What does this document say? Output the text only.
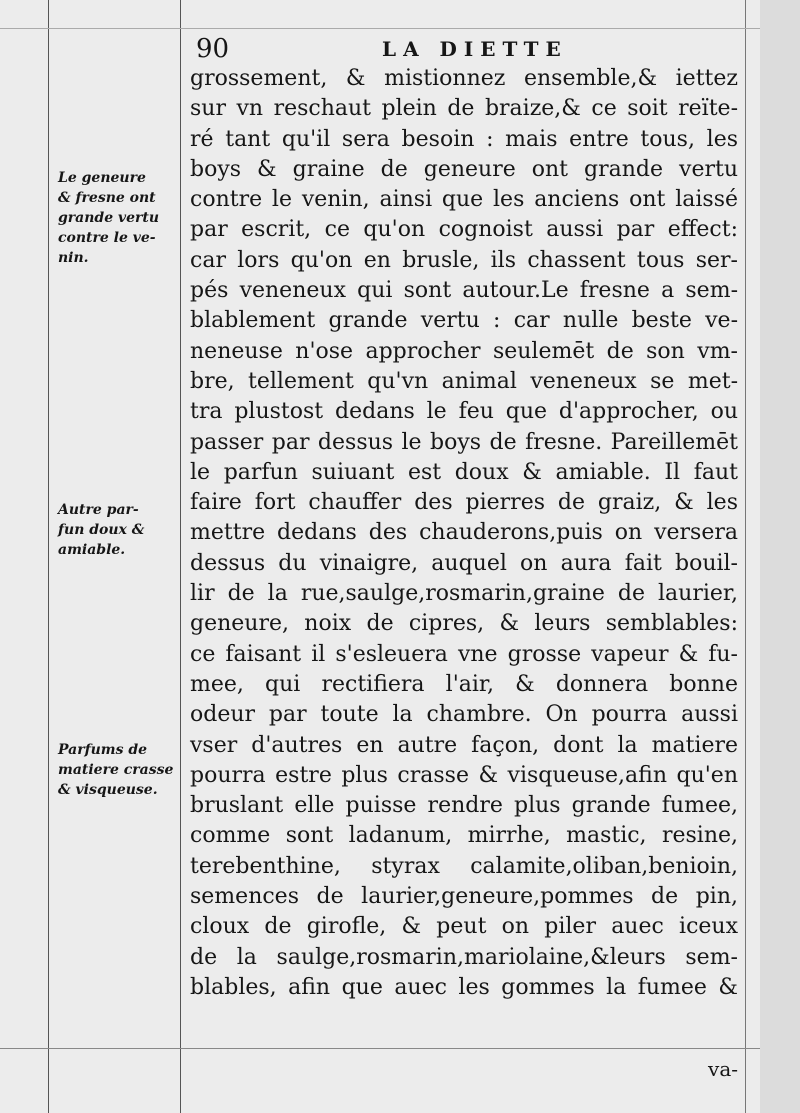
90	LA DIETTE
Le geneure
& fresne ont
grande vertu
contre le ve-
nin.
Autre par-
fun doux &
amiable.
Parfums de
matiere crasse
& visqueuse.
grossement, & mistionnez ensemble,& iettez
sur vn reschaut plein de braize,& ce soit reïte-
ré tant qu'il sera besoin : mais entre tous, les
boys & graine de geneure ont grande vertu
contre le venin, ainsi que les anciens ont laissé
par escrit, ce qu'on cognoist aussi par effect:
car lors qu'on en brusle, ils chassent tous ser-
pés veneneux qui sont autour.Le fresne a sem-
blablement grande vertu : car nulle beste ve-
neneuse n'ose approcher seulemēt de son vm-
bre, tellement qu'vn animal veneneux se met-
tra plustost dedans le feu que d'approcher, ou
passer par dessus le boys de fresne. Pareillemēt
le parfun suiuant est doux & amiable. Il faut
faire fort chauffer des pierres de graiz, & les
mettre dedans des chauderons,puis on versera
dessus du vinaigre, auquel on aura fait bouil-
lir de la rue,saulge,rosmarin,graine de laurier,
geneure, noix de cipres, & leurs semblables:
ce faisant il s'esleuera vne grosse vapeur & fu-
mee, qui rectifiera l'air, & donnera bonne
odeur par toute la chambre. On pourra aussi
vser d'autres en autre façon, dont la matiere
pourra estre plus crasse & visqueuse,afin qu'en
bruslant elle puisse rendre plus grande fumee,
comme sont ladanum, mirrhe, mastic, resine,
terebenthine, styrax calamite,oliban,benioin,
semences de laurier,geneure,pommes de pin,
cloux de girofle, & peut on piler auec iceux
de la saulge,rosmarin,mariolaine,&leurs sem-
blables, afin que auec les gommes la fumee &
va-
